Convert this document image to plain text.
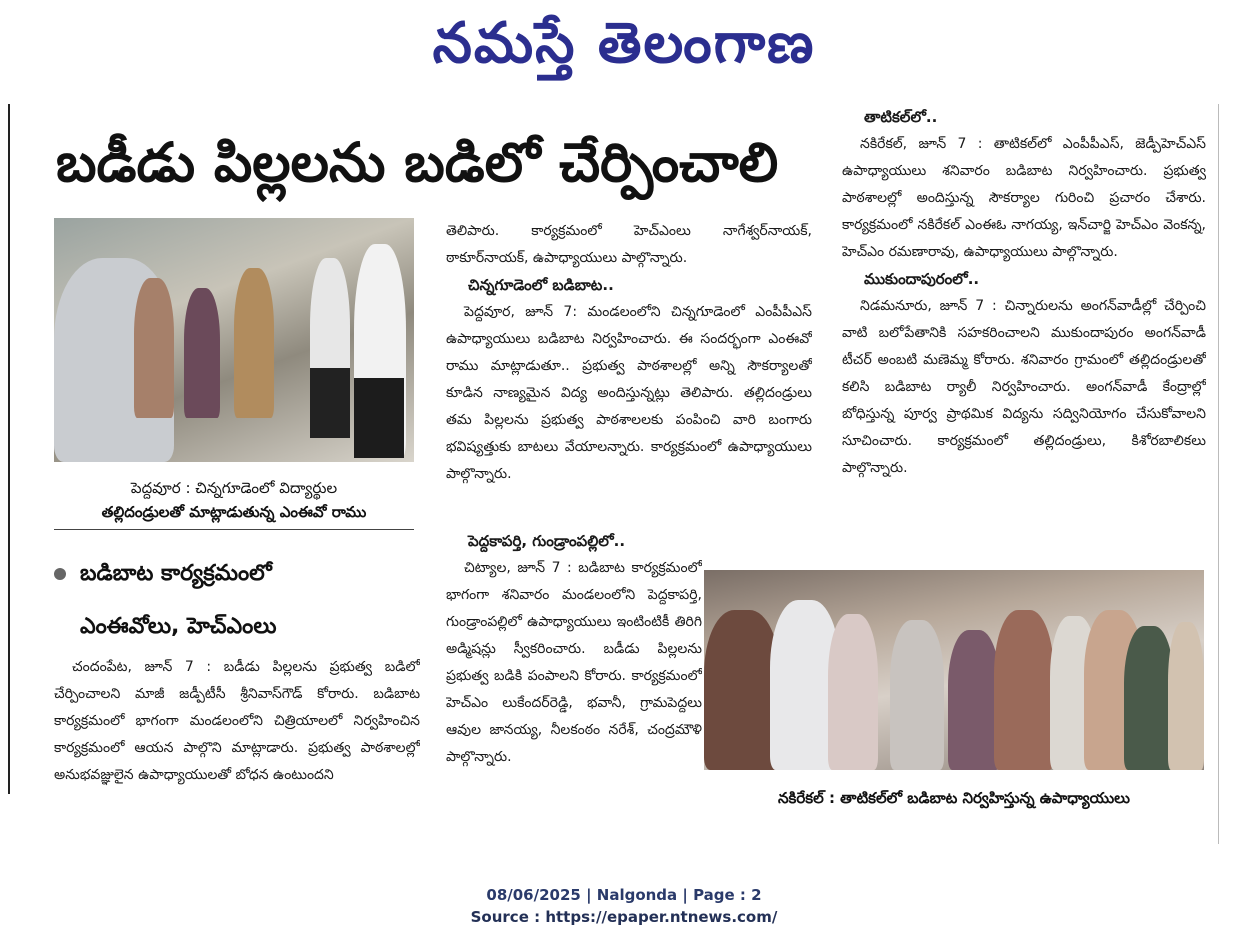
నమస్తే తెలంగాణ
బడీడు పిల్లలను బడిలో చేర్పించాలి
పెద్దవూర : చిన్నగూడెంలో విద్యార్థుల
తల్లిదండ్రులతో మాట్లాడుతున్న ఎంఈవో రాము
బడిబాట కార్యక్రమంలో
ఎంఈవోలు, హెచ్‌ఎంలు

చందంపేట, జూన్ 7 : బడీడు పిల్లలను ప్రభుత్వ బడిలో చేర్పించాలని మాజీ జడ్పీటీసీ శ్రీనివాస్‌గౌడ్ కోరారు. బడిబాట కార్యక్రమంలో భాగంగా మండలంలోని చిత్రియాలలో నిర్వహించిన కార్యక్రమంలో ఆయన పాల్గొని మాట్లాడారు. ప్రభుత్వ పాఠశాలల్లో అనుభవజ్ఞులైన ఉపాధ్యాయులతో బోధన ఉంటుందని

తెలిపారు. కార్యక్రమంలో హెచ్‌ఎంలు నాగేశ్వర్‌నాయక్, ఠాకూర్‌నాయక్, ఉపాధ్యాయులు పాల్గొన్నారు.

చిన్నగూడెంలో బడిబాట..

పెద్దవూర, జూన్ 7: మండలంలోని చిన్నగూడెంలో ఎంపీపీఎస్ ఉపాధ్యాయులు బడిబాట నిర్వహించారు. ఈ సందర్భంగా ఎంఈవో రాము మాట్లాడుతూ.. ప్రభుత్వ పాఠశాలల్లో అన్ని సౌకర్యాలతో కూడిన నాణ్యమైన విద్య అందిస్తున్నట్లు తెలిపారు. తల్లిదండ్రులు తమ పిల్లలను ప్రభుత్వ పాఠశాలలకు పంపించి వారి బంగారు భవిష్యత్తుకు బాటలు వేయాలన్నారు. కార్యక్రమంలో ఉపాధ్యాయులు పాల్గొన్నారు.

పెద్దకాపర్తి, గుండ్రాంపల్లిలో..

చిట్యాల, జూన్ 7 : బడిబాట కార్యక్రమంలో భాగంగా శనివారం మండలంలోని పెద్దకాపర్తి, గుండ్రాంపల్లిలో ఉపాధ్యాయులు ఇంటింటికీ తిరిగి అడ్మిషన్లు స్వీకరించారు. బడీడు పిల్లలను ప్రభుత్వ బడికి పంపాలని కోరారు. కార్యక్రమంలో హెచ్‌ఎం లుకేందర్‌రెడ్డి, భవానీ, గ్రామపెద్దలు ఆవుల జానయ్య, నీలకంఠం నరేశ్, చంద్రమౌళి పాల్గొన్నారు.

తాటికల్‌లో..

నకిరేకల్, జూన్ 7 : తాటికల్‌లో ఎంపీపీఎస్, జెడ్పీహెచ్‌ఎస్ ఉపాధ్యాయులు శనివారం బడిబాట నిర్వహించారు. ప్రభుత్వ పాఠశాలల్లో అందిస్తున్న సౌకర్యాల గురించి ప్రచారం చేశారు. కార్యక్రమంలో నకిరేకల్ ఎంఈఓ నాగయ్య, ఇన్‌చార్జి హెచ్‌ఎం వెంకన్న, హెచ్‌ఎం రమణారావు, ఉపాధ్యాయులు పాల్గొన్నారు.

ముకుందాపురంలో..

నిడమనూరు, జూన్ 7 : చిన్నారులను అంగన్‌వాడీల్లో చేర్పించి వాటి బలోపేతానికి సహకరించాలని ముకుందాపురం అంగన్‌వాడీ టీచర్ అంబటి మణెమ్మ కోరారు. శనివారం గ్రామంలో తల్లిదండ్రులతో కలిసి బడిబాట ర్యాలీ నిర్వహించారు. అంగన్‌వాడీ కేంద్రాల్లో బోధిస్తున్న పూర్వ ప్రాథమిక విద్యను సద్వినియోగం చేసుకోవాలని సూచించారు. కార్యక్రమంలో తల్లిదండ్రులు, కిశోరబాలికలు పాల్గొన్నారు.

నకిరేకల్ : తాటికల్‌లో బడిబాట నిర్వహిస్తున్న ఉపాధ్యాయులు
08/06/2025 | Nalgonda | Page : 2
Source : https://epaper.ntnews.com/
